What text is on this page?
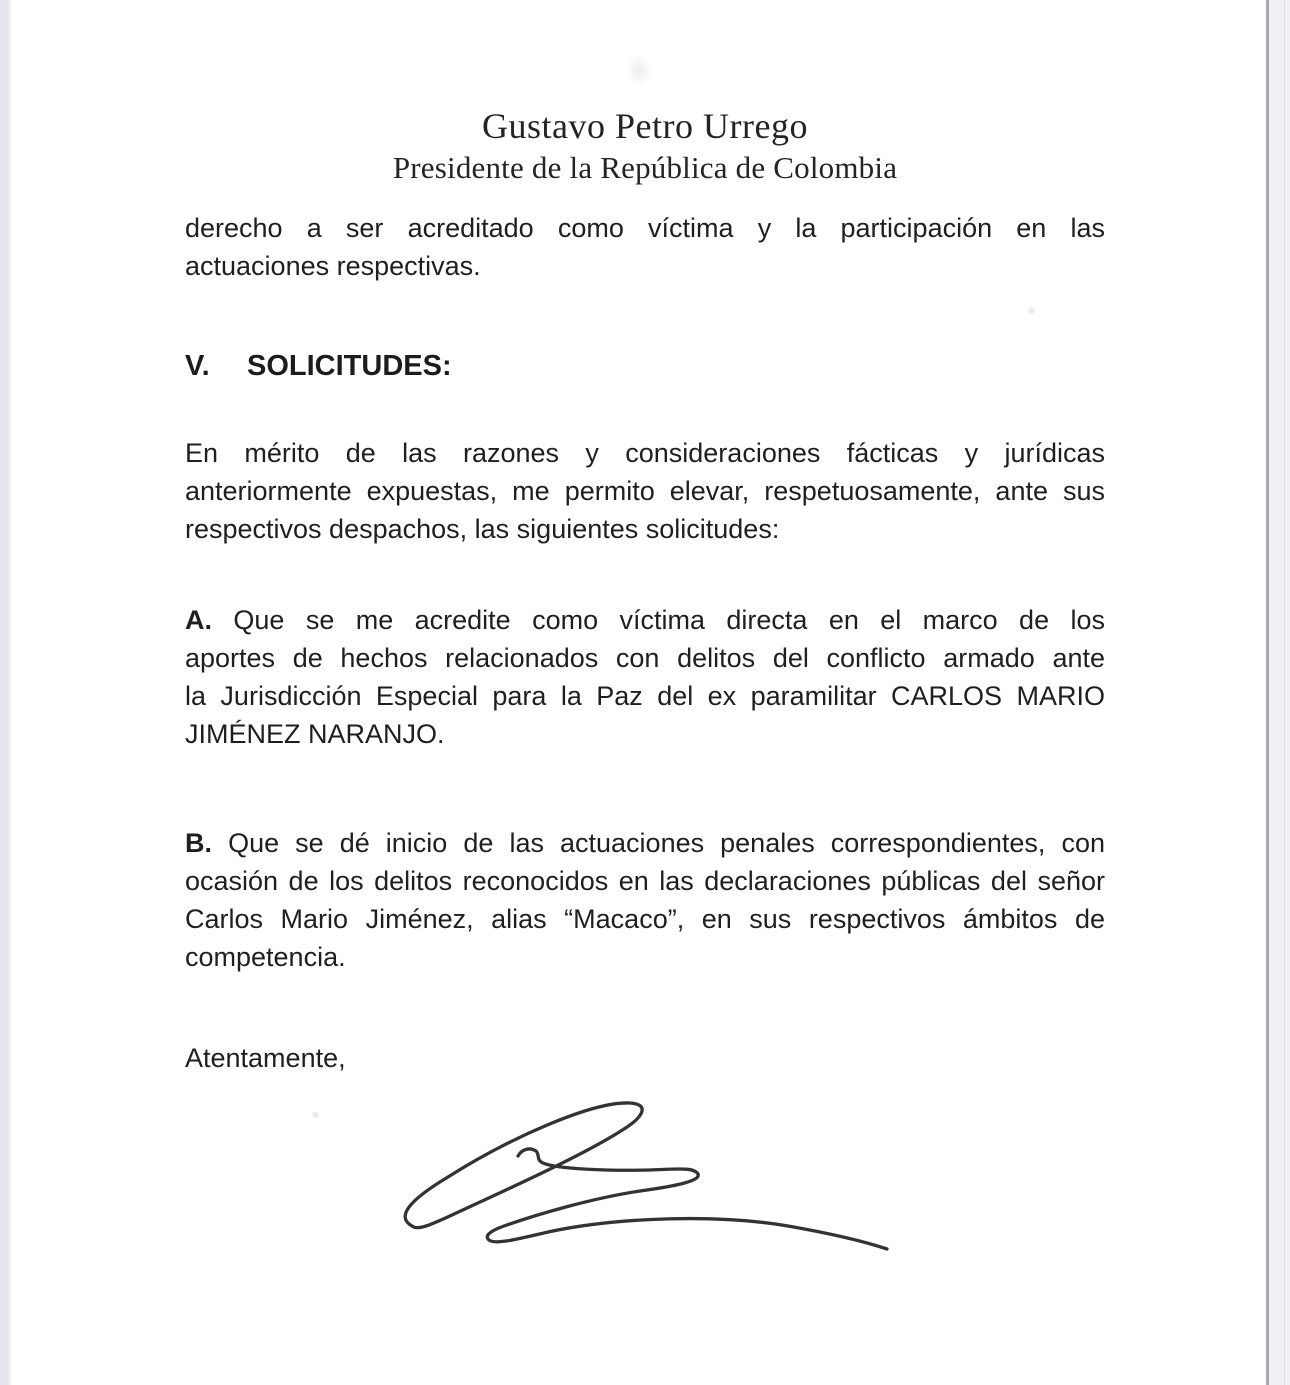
Gustavo Petro Urrego
Presidente de la República de Colombia
derecho a ser acreditado como víctima y la participación en las
actuaciones respectivas.
V. SOLICITUDES:
En mérito de las razones y consideraciones fácticas y jurídicas
anteriormente expuestas, me permito elevar, respetuosamente, ante sus
respectivos despachos, las siguientes solicitudes:
A. Que se me acredite como víctima directa en el marco de los
aportes de hechos relacionados con delitos del conflicto armado ante
la Jurisdicción Especial para la Paz del ex paramilitar CARLOS MARIO
JIMÉNEZ NARANJO.
B. Que se dé inicio de las actuaciones penales correspondientes, con
ocasión de los delitos reconocidos en las declaraciones públicas del señor
Carlos Mario Jiménez, alias “Macaco”, en sus respectivos ámbitos de
competencia.
Atentamente,
